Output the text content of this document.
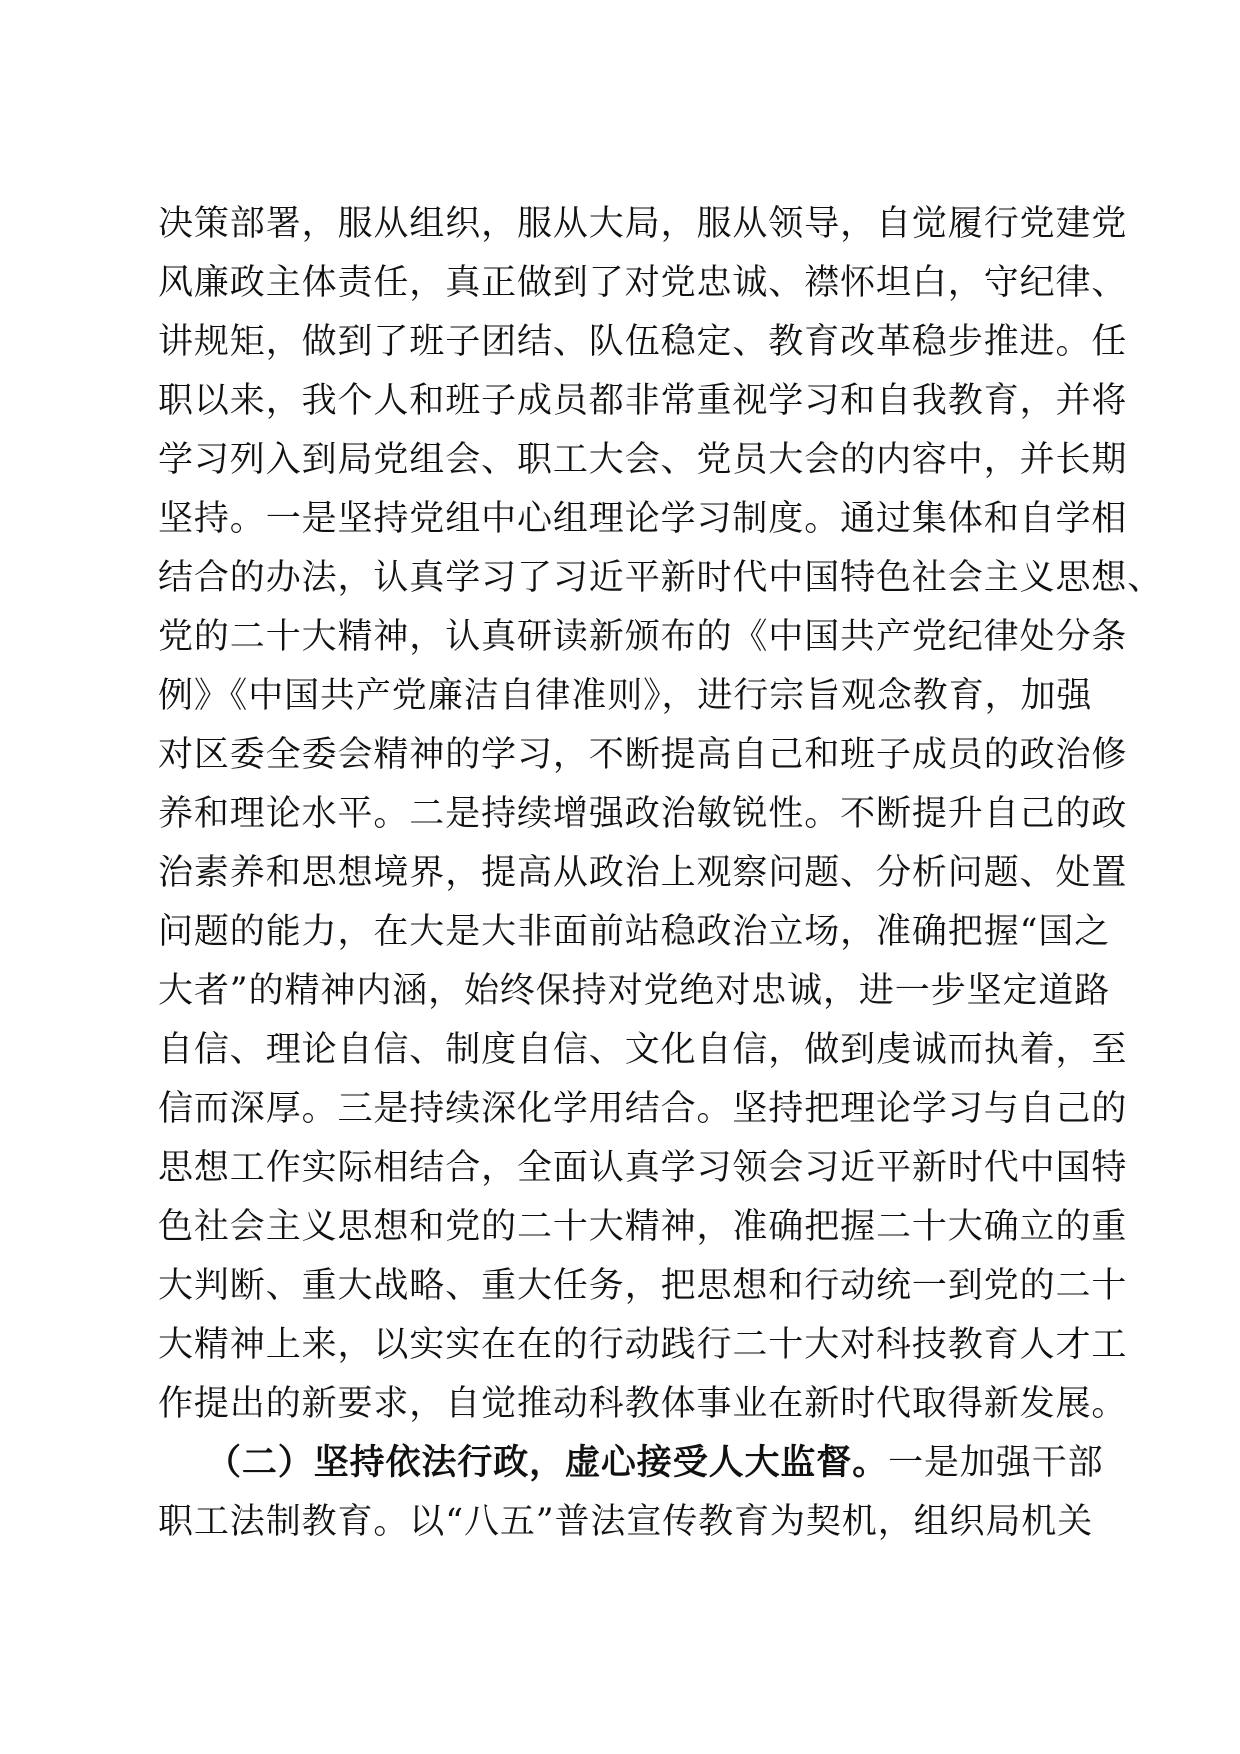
决策部署，服从组织，服从大局，服从领导，自觉履行党建党
风廉政主体责任，真正做到了对党忠诚、襟怀坦白，守纪律、
讲规矩，做到了班子团结、队伍稳定、教育改革稳步推进。任
职以来，我个人和班子成员都非常重视学习和自我教育，并将
学习列入到局党组会、职工大会、党员大会的内容中，并长期
坚持。一是坚持党组中心组理论学习制度。通过集体和自学相
结合的办法，认真学习了习近平新时代中国特色社会主义思想、
党的二十大精神，认真研读新颁布的《中国共产党纪律处分条
例》《中国共产党廉洁自律准则》，进行宗旨观念教育，加强
对区委全委会精神的学习，不断提高自己和班子成员的政治修
养和理论水平。二是持续增强政治敏锐性。不断提升自己的政
治素养和思想境界，提高从政治上观察问题、分析问题、处置
问题的能力，在大是大非面前站稳政治立场，准确把握“国之
大者”的精神内涵，始终保持对党绝对忠诚，进一步坚定道路
自信、理论自信、制度自信、文化自信，做到虔诚而执着，至
信而深厚。三是持续深化学用结合。坚持把理论学习与自己的
思想工作实际相结合，全面认真学习领会习近平新时代中国特
色社会主义思想和党的二十大精神，准确把握二十大确立的重
大判断、重大战略、重大任务，把思想和行动统一到党的二十
大精神上来，以实实在在的行动践行二十大对科技教育人才工
作提出的新要求，自觉推动科教体事业在新时代取得新发展。
（二）坚持依法行政，虚心接受人大监督。一是加强干部
职工法制教育。以“八五”普法宣传教育为契机，组织局机关
